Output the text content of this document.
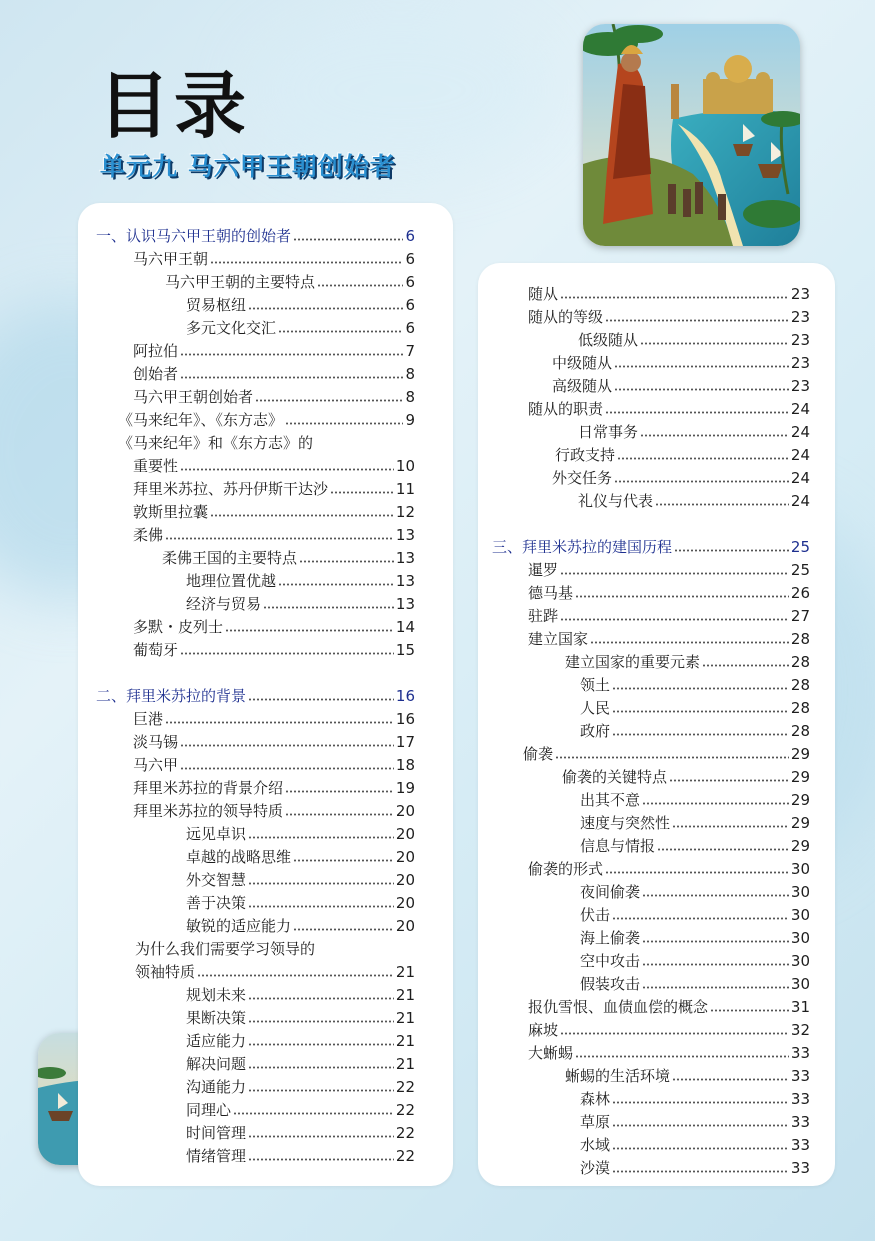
目录
单元九 马六甲王朝创始者
一、认识马六甲王朝的创始者	6
马六甲王朝	6
马六甲王朝的主要特点	6
贸易枢纽	6
多元文化交汇	6
阿拉伯	7
创始者	8
马六甲王朝创始者	8
《马来纪年》、《东方志》	9
《马来纪年》和《东方志》的
重要性	10
拜里米苏拉、苏丹伊斯干达沙	11
敦斯里拉囊	12
柔佛	13
柔佛王国的主要特点	13
地理位置优越	13
经济与贸易	13
多默・皮列士	14
葡萄牙	15
二、拜里米苏拉的背景	16
巨港	16
淡马锡	17
马六甲	18
拜里米苏拉的背景介绍	19
拜里米苏拉的领导特质	20
远见卓识	20
卓越的战略思维	20
外交智慧	20
善于决策	20
敏锐的适应能力	20
为什么我们需要学习领导的
领袖特质	21
规划未来	21
果断决策	21
适应能力	21
解决问题	21
沟通能力	22
同理心	22
时间管理	22
情绪管理	22
随从	23
随从的等级	23
低级随从	23
中级随从	23
高级随从	23
随从的职责	24
日常事务	24
行政支持	24
外交任务	24
礼仪与代表	24
三、拜里米苏拉的建国历程	25
暹罗	25
德马基	26
驻跸	27
建立国家	28
建立国家的重要元素	28
领土	28
人民	28
政府	28
偷袭	29
偷袭的关键特点	29
出其不意	29
速度与突然性	29
信息与情报	29
偷袭的形式	30
夜间偷袭	30
伏击	30
海上偷袭	30
空中攻击	30
假装攻击	30
报仇雪恨、血债血偿的概念	31
麻坡	32
大蜥蜴	33
蜥蜴的生活环境	33
森林	33
草原	33
水域	33
沙漠	33
